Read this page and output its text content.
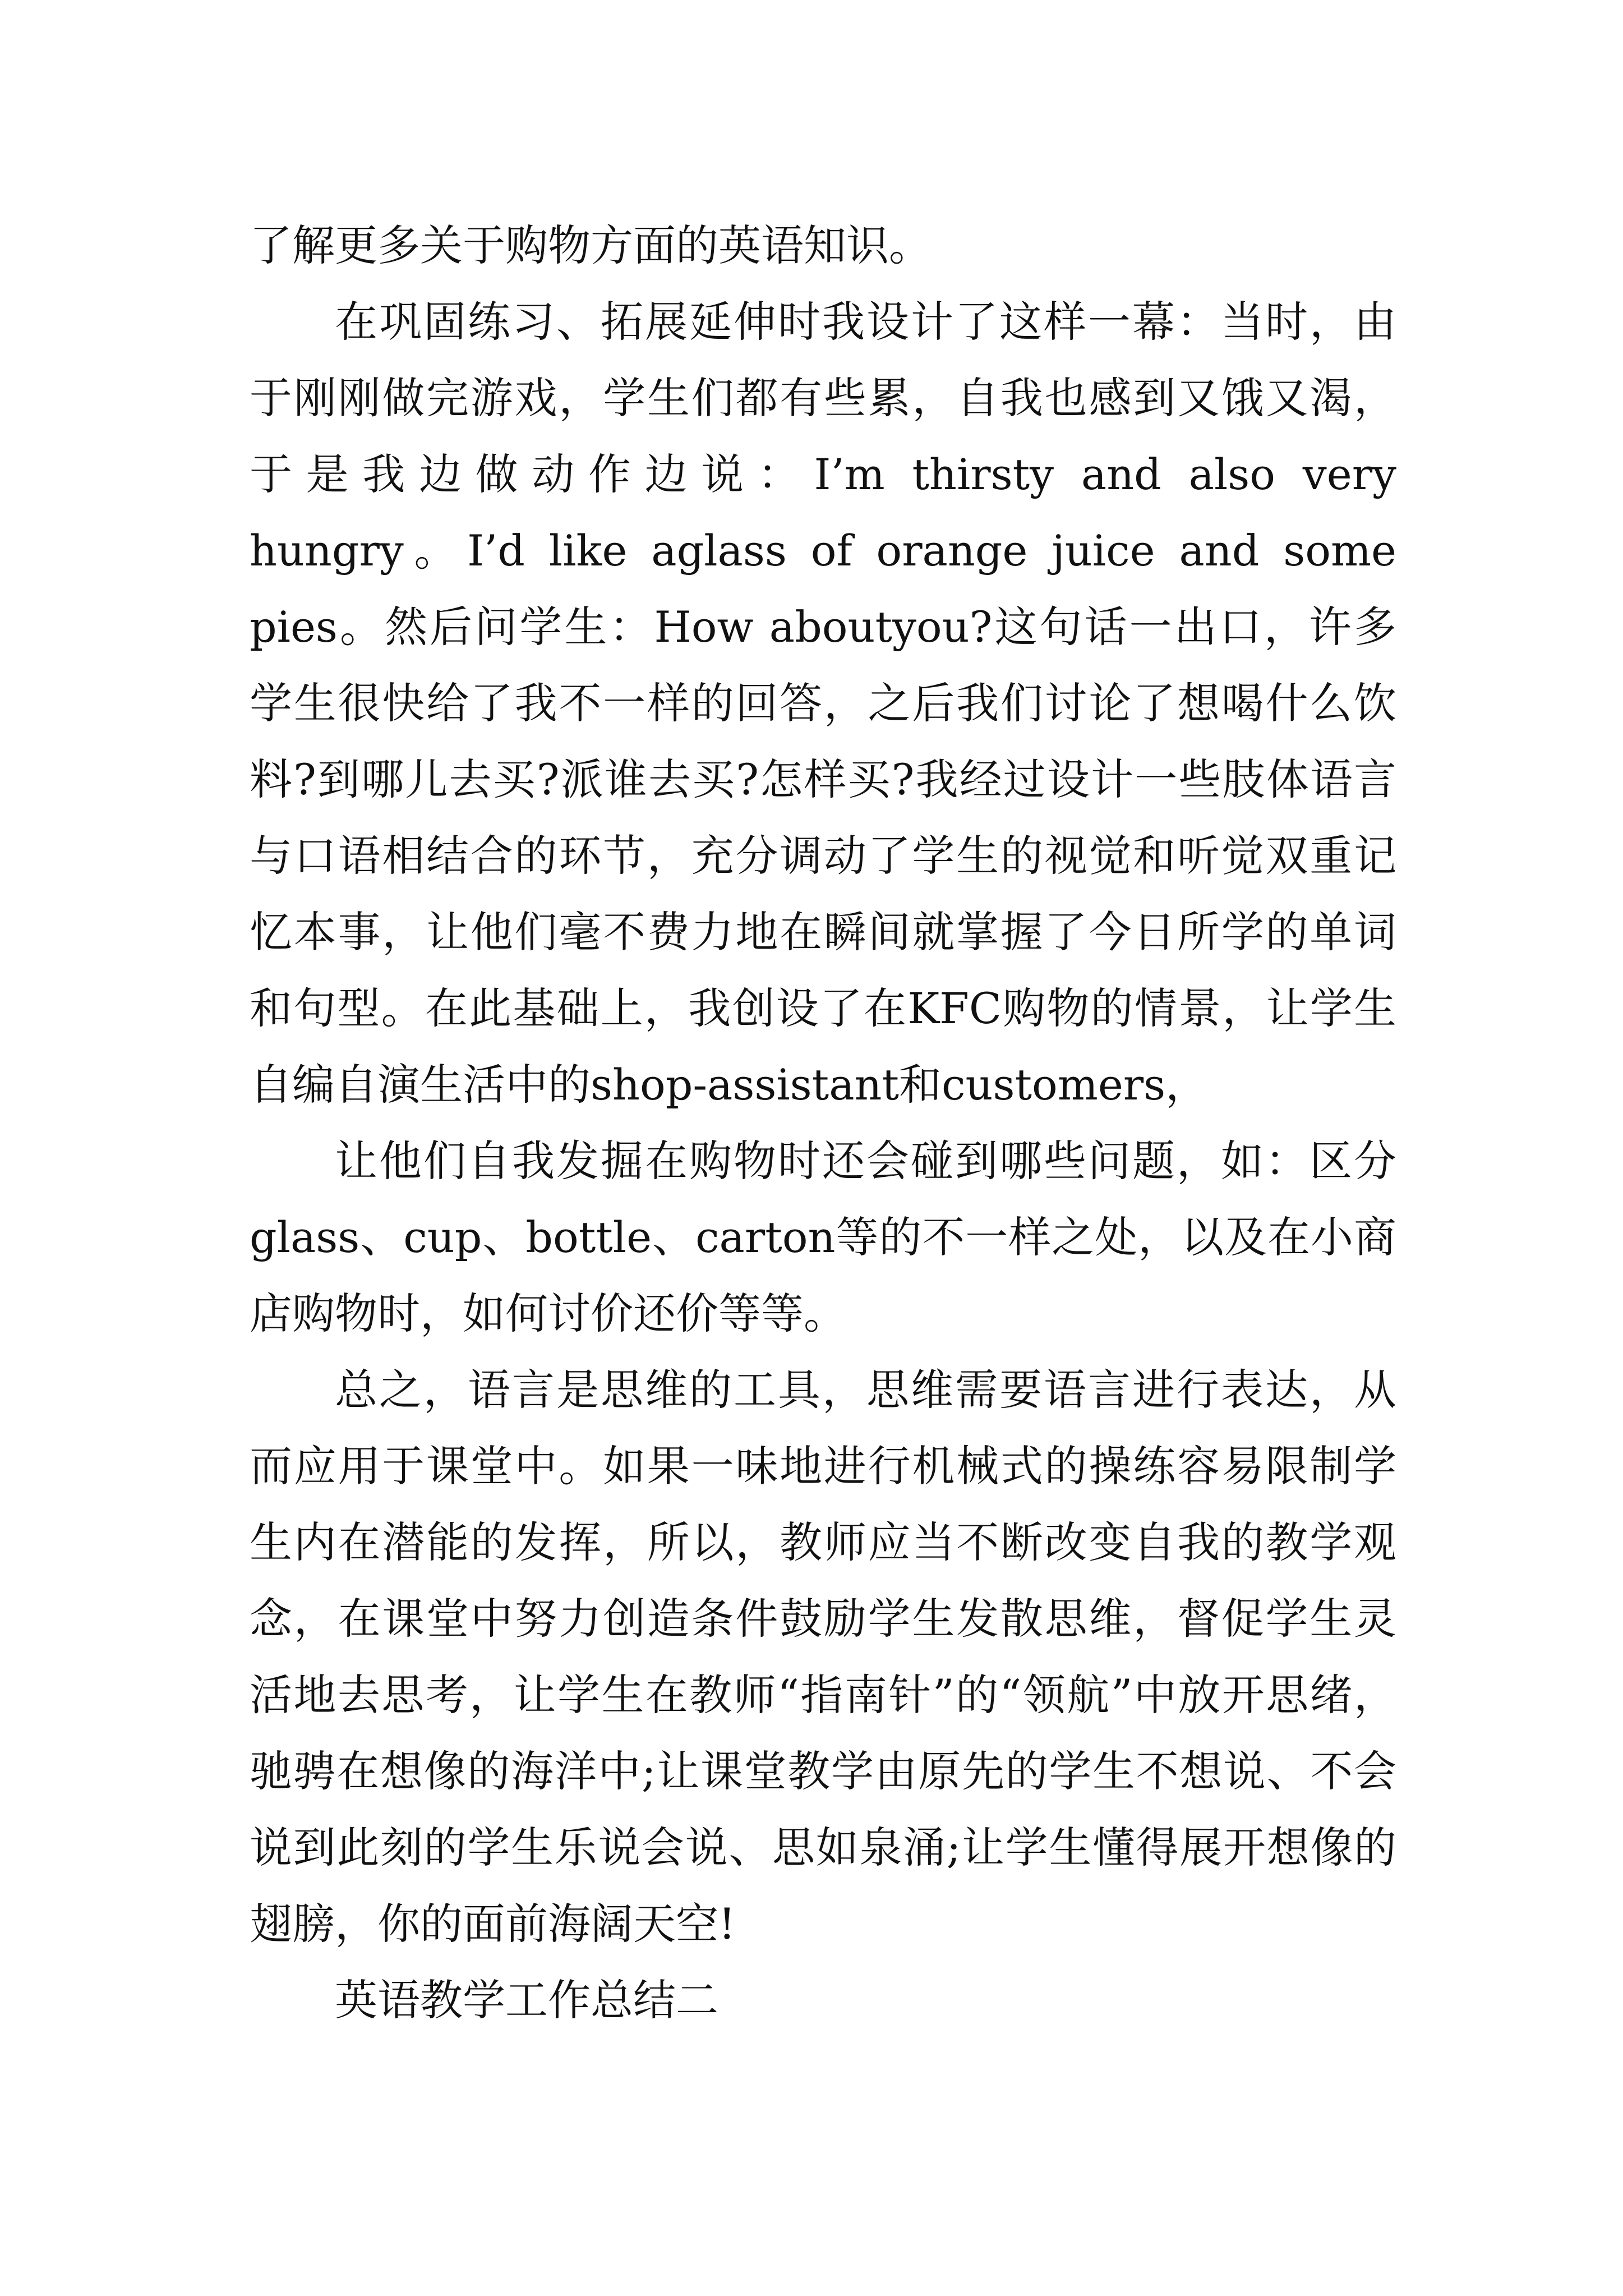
了解更多关于购物方面的英语知识。

在巩固练习、拓展延伸时我设计了这样一幕：当时，由于刚刚做完游戏，学生们都有些累，自我也感到又饿又渴，于是我边做动作边说：I’m thirsty and also very hungry。I’d like aglass of orange juice and some pies。然后问学生：How aboutyou?这句话一出口，许多学生很快给了我不一样的回答，之后我们讨论了想喝什么饮料?到哪儿去买?派谁去买?怎样买?我经过设计一些肢体语言与口语相结合的环节，充分调动了学生的视觉和听觉双重记忆本事，让他们毫不费力地在瞬间就掌握了今日所学的单词和句型。在此基础上，我创设了在KFC购物的情景，让学生自编自演生活中的shop-assistant和customers，

让他们自我发掘在购物时还会碰到哪些问题，如：区分glass、cup、bottle、carton等的不一样之处，以及在小商店购物时，如何讨价还价等等。

总之，语言是思维的工具，思维需要语言进行表达，从而应用于课堂中。如果一味地进行机械式的操练容易限制学生内在潜能的发挥，所以，教师应当不断改变自我的教学观念，在课堂中努力创造条件鼓励学生发散思维，督促学生灵活地去思考，让学生在教师“指南针”的“领航”中放开思绪，驰骋在想像的海洋中;让课堂教学由原先的学生不想说、不会说到此刻的学生乐说会说、思如泉涌;让学生懂得展开想像的翅膀，你的面前海阔天空!

英语教学工作总结二
